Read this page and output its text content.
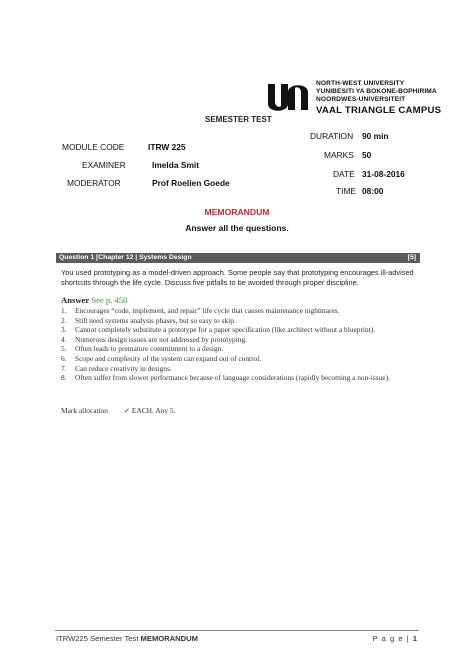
NORTH-WEST UNIVERSITY
YUNIBESITI YA BOKONE-BOPHIRIMA
NOORDWES-UNIVERSITEIT
VAAL TRIANGLE CAMPUS
SEMESTER TEST
MODULE CODE	ITRW 225
EXAMINER	Imelda Smit
MODERATOR	Prof Roelien Goede
DURATION 90 min
MARKS 50
DATE 31-08-2016
TIME 08:00
MEMORANDUM
Answer all the questions.
Question 1 [Chapter 12 | Systems Design	[5]
You used prototyping as a model-driven approach. Some people say that prototyping encourages ill-advised shortcuts through the life cycle. Discuss five pitfalls to be avoided through proper discipline.
Answer See p. 450
1. Encourages “code, implement, and repair” life cycle that causes maintenance nightmares.
2. Still need systems analysis phases, but so easy to skip.
3. Cannot completely substitute a prototype for a paper specification (like architect without a blueprint).
4. Numerous design issues are not addressed by prototyping.
5. Often leads to premature commitment to a design.
6. Scope and complexity of the system can expand out of control.
7. Can reduce creativity in designs.
8. Often suffer from slower performance because of language considerations (rapidly becoming a non-issue).
Mark allocation ✓ EACH. Any 5.
ITRW225 Semester Test MEMORANDUM	P a g e | 1
